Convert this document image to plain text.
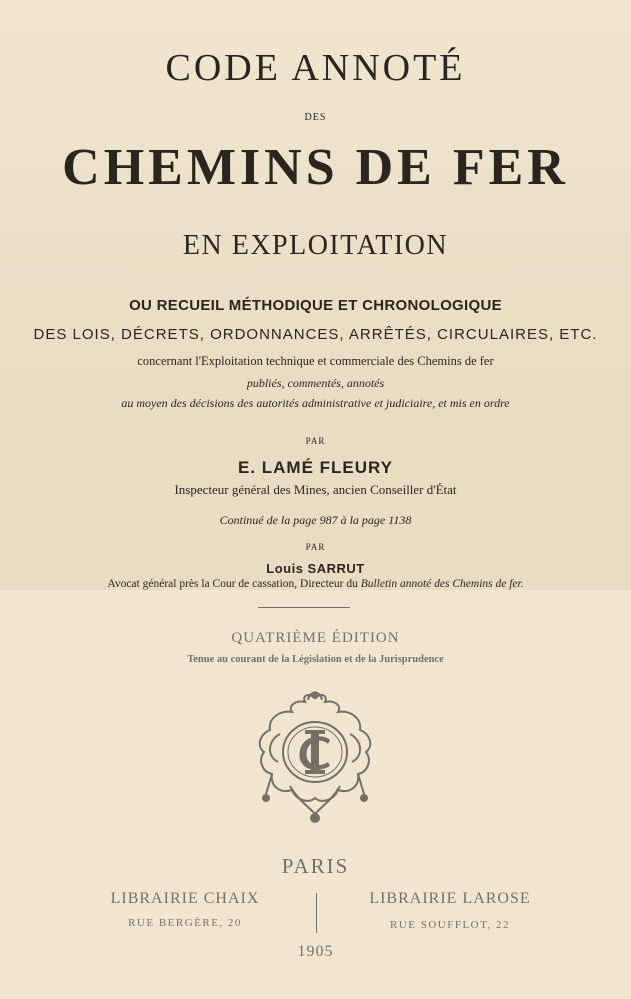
CODE ANNOTÉ
DES
CHEMINS DE FER
EN EXPLOITATION
OU RECUEIL MÉTHODIQUE ET CHRONOLOGIQUE
DES LOIS, DÉCRETS, ORDONNANCES, ARRÊTÉS, CIRCULAIRES, ETC.
concernant l'Exploitation technique et commerciale des Chemins de fer
publiés, commentés, annotés
au moyen des décisions des autorités administrative et judiciaire, et mis en ordre
PAR
E. LAMÉ FLEURY
Inspecteur général des Mines, ancien Conseiller d'État
Continué de la page 987 à la page 1138
PAR
Louis SARRUT
Avocat général près la Cour de cassation, Directeur du Bulletin annoté des Chemins de fer.
QUATRIÈME ÉDITION
Tenue au courant de la Législation et de la Jurisprudence
PARIS
LIBRAIRIE CHAIX	LIBRAIRIE LAROSE
RUE BERGÈRE, 20	RUE SOUFFLOT, 22
1905
